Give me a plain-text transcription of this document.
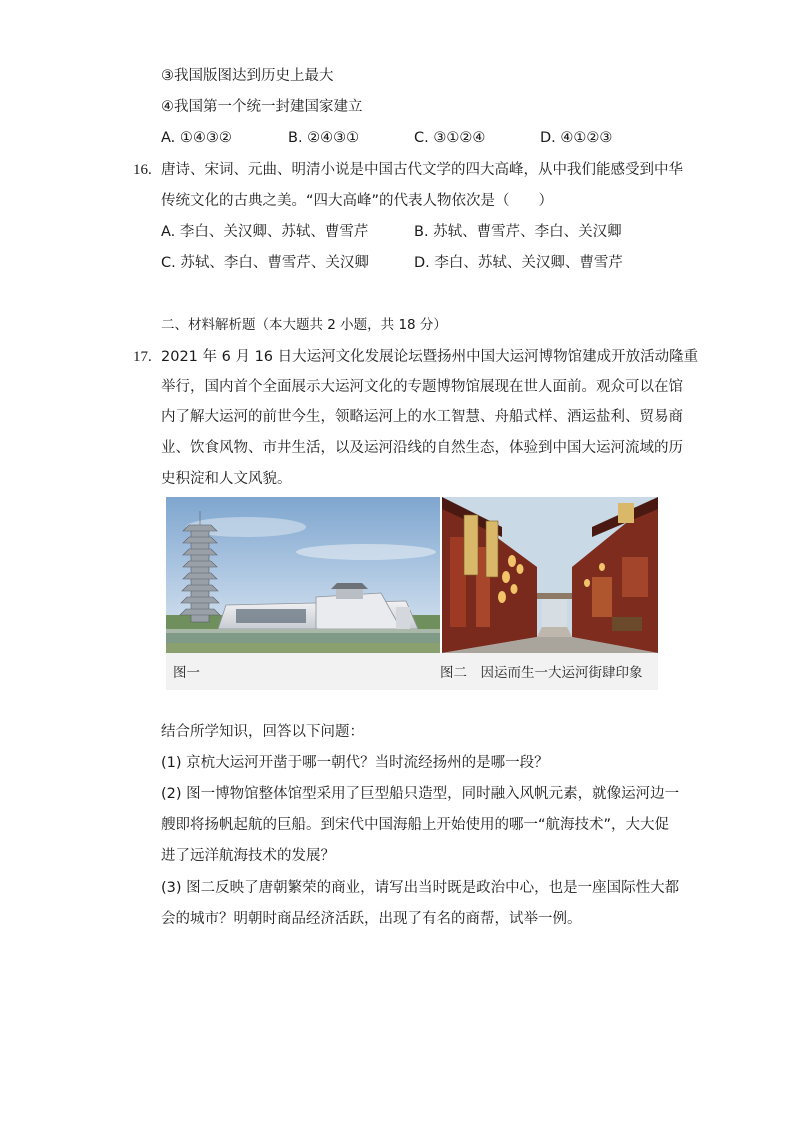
③我国版图达到历史上最大
④我国第一个统一封建国家建立
A. ①④③②	B. ②④③①	C. ③①②④	D. ④①②③
16. 唐诗、宋词、元曲、明清小说是中国古代文学的四大高峰，从中我们能感受到中华
传统文化的古典之美。“四大高峰”的代表人物依次是（　　）
A. 李白、关汉卿、苏轼、曹雪芹	B. 苏轼、曹雪芹、李白、关汉卿
C. 苏轼、李白、曹雪芹、关汉卿	D. 李白、苏轼、关汉卿、曹雪芹
二、材料解析题（本大题共 2 小题，共 18 分）
17. 2021 年 6 月 16 日大运河文化发展论坛暨扬州中国大运河博物馆建成开放活动隆重
举行，国内首个全面展示大运河文化的专题博物馆展现在世人面前。观众可以在馆
内了解大运河的前世今生，领略运河上的水工智慧、舟船式样、酒运盐利、贸易商
业、饮食风物、市井生活，以及运河沿线的自然生态，体验到中国大运河流域的历
史积淀和人文风貌。
图一	图二　因运而生一大运河街肆印象
结合所学知识，回答以下问题：
(1) 京杭大运河开凿于哪一朝代？当时流经扬州的是哪一段？
(2) 图一博物馆整体馆型采用了巨型船只造型，同时融入风帆元素，就像运河边一
艘即将扬帆起航的巨船。到宋代中国海船上开始使用的哪一“航海技术”，大大促
进了远洋航海技术的发展？
(3) 图二反映了唐朝繁荣的商业，请写出当时既是政治中心，也是一座国际性大都
会的城市？明朝时商品经济活跃，出现了有名的商帮，试举一例。
